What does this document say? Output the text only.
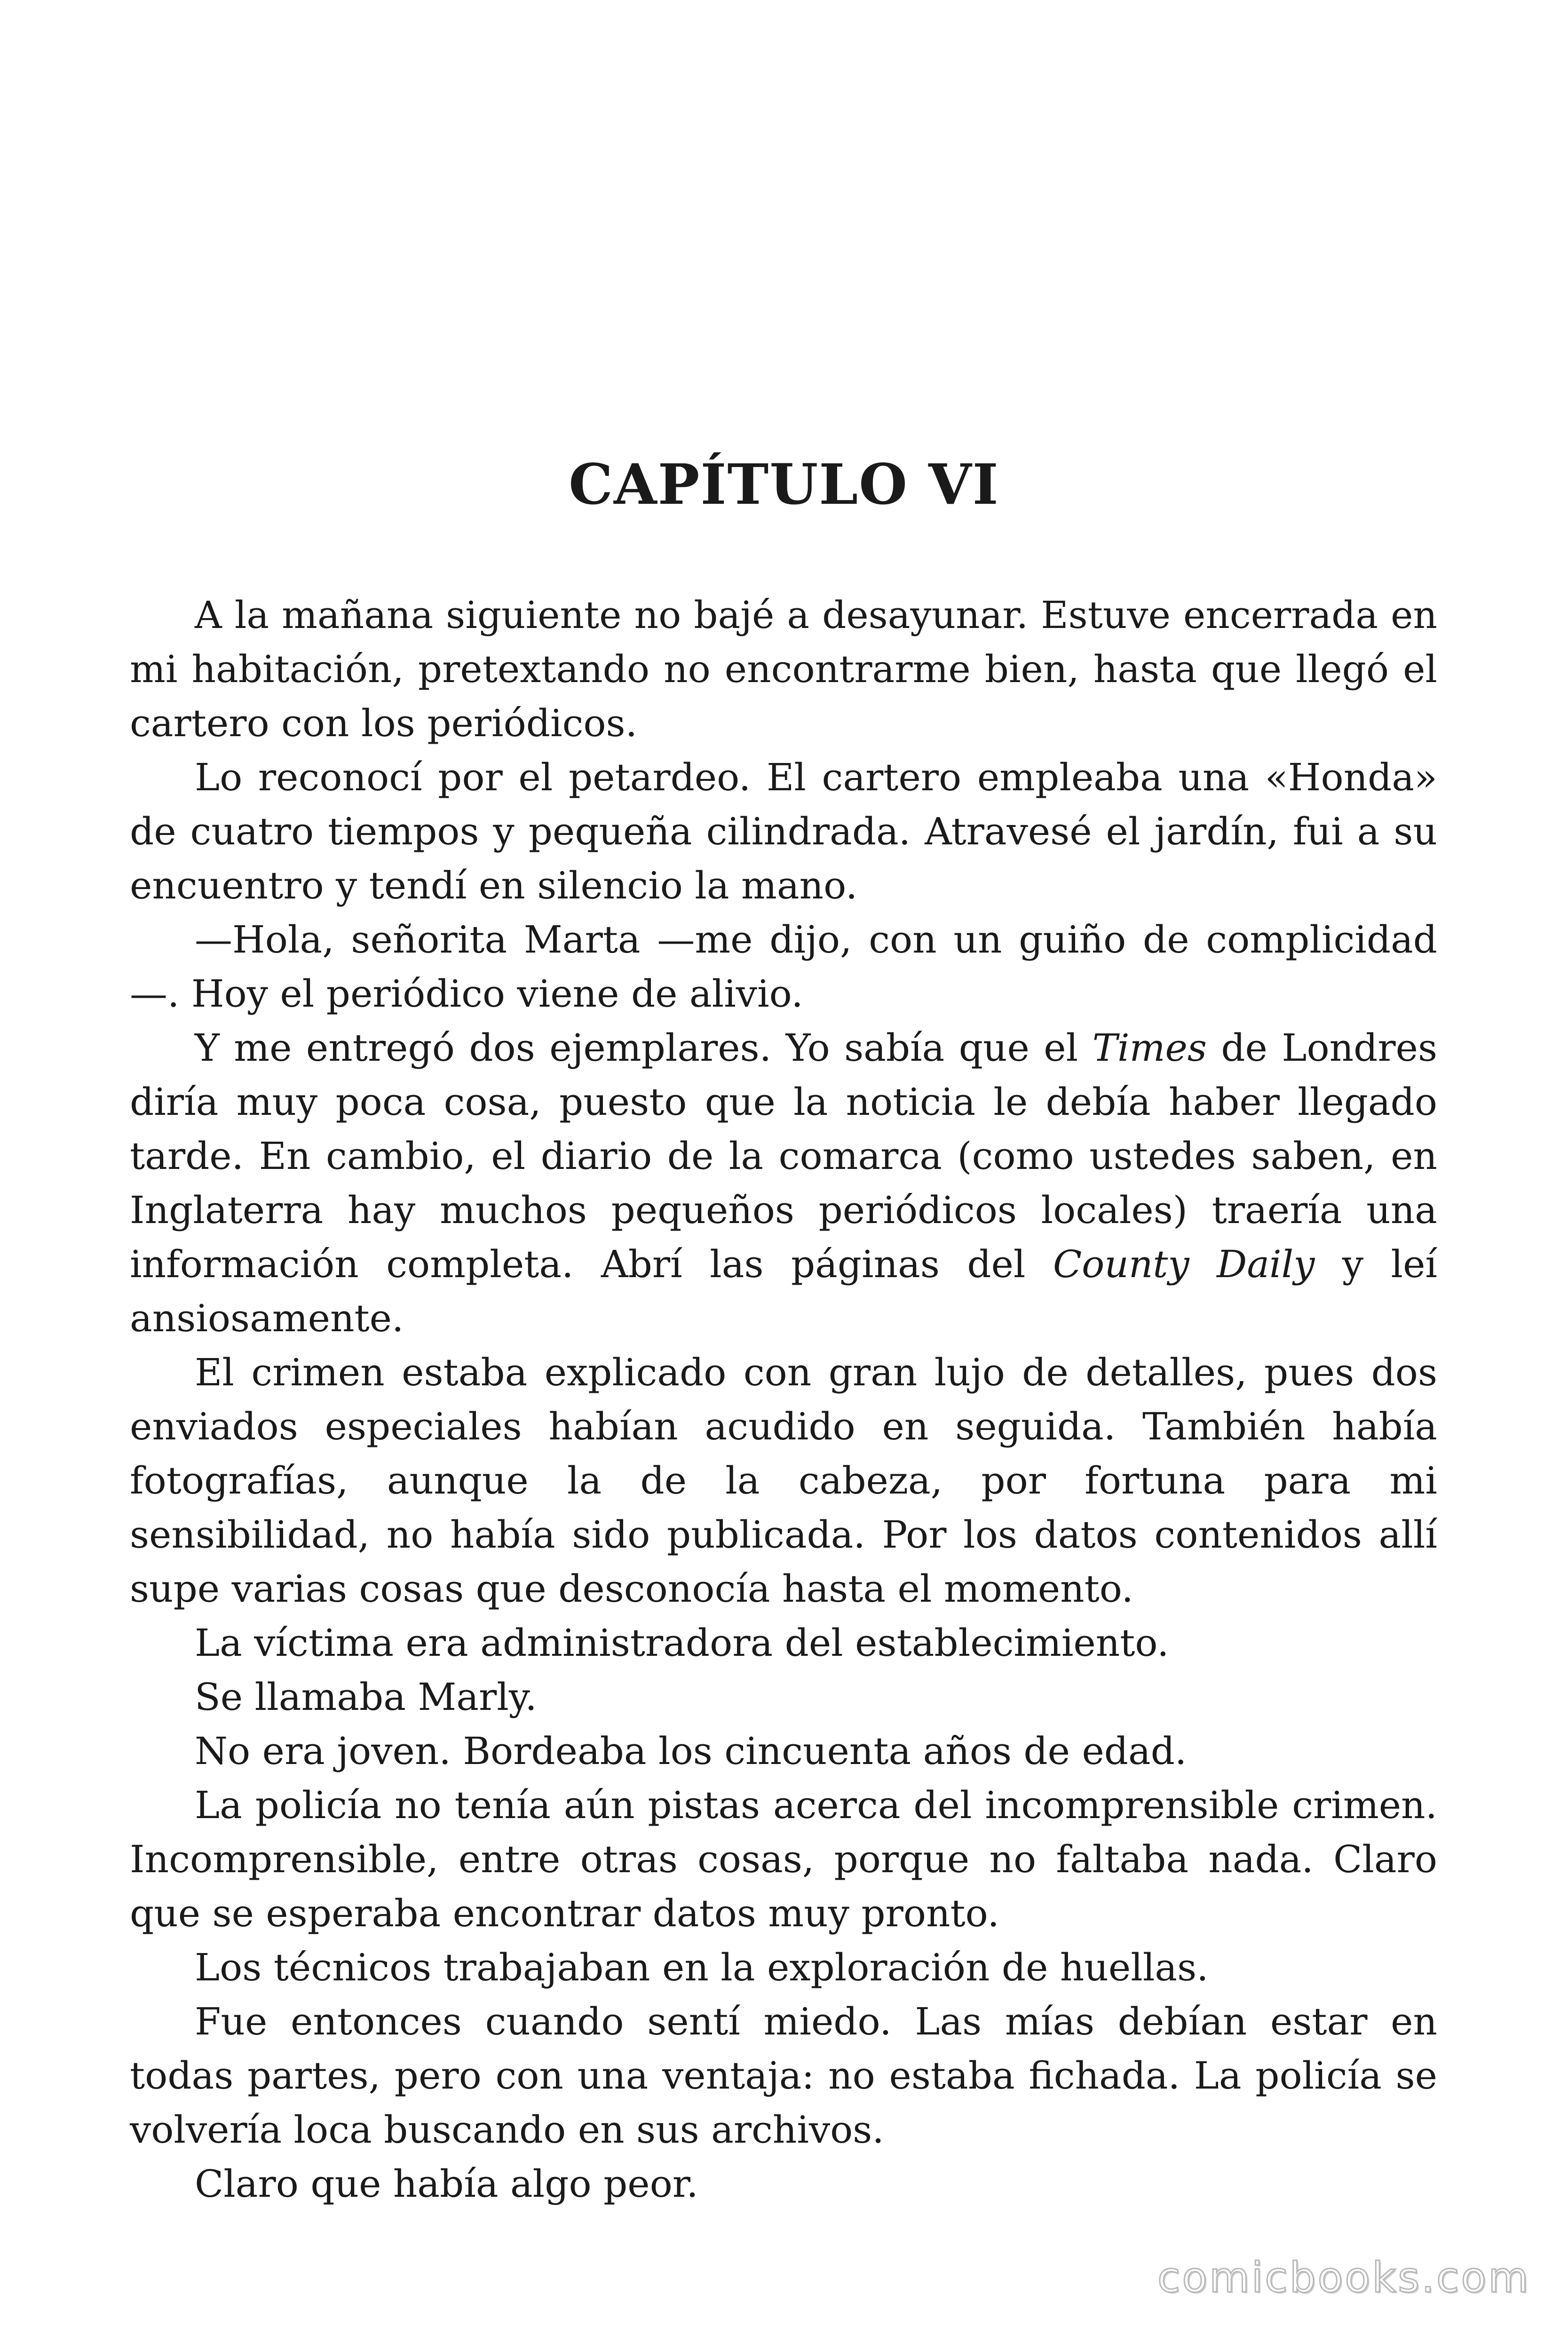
CAPÍTULO VI

A la mañana siguiente no bajé a desayunar. Estuve encerrada en mi habitación, pretextando no encontrarme bien, hasta que llegó el cartero con los periódicos.

Lo reconocí por el petardeo. El cartero empleaba una «Honda» de cuatro tiempos y pequeña cilindrada. Atravesé el jardín, fui a su encuentro y tendí en silencio la mano.

—Hola, señorita Marta —me dijo, con un guiño de complicidad —. Hoy el periódico viene de alivio.

Y me entregó dos ejemplares. Yo sabía que el Times de Londres diría muy poca cosa, puesto que la noticia le debía haber llegado tarde. En cambio, el diario de la comarca (como ustedes saben, en Inglaterra hay muchos pequeños periódicos locales) traería una información completa. Abrí las páginas del County Daily y leí ansiosamente.

El crimen estaba explicado con gran lujo de detalles, pues dos enviados especiales habían acudido en seguida. También había fotografías, aunque la de la cabeza, por fortuna para mi sensibilidad, no había sido publicada. Por los datos contenidos allí supe varias cosas que desconocía hasta el momento.

La víctima era administradora del establecimiento.

Se llamaba Marly.

No era joven. Bordeaba los cincuenta años de edad.

La policía no tenía aún pistas acerca del incomprensible crimen. Incomprensible, entre otras cosas, porque no faltaba nada. Claro que se esperaba encontrar datos muy pronto.

Los técnicos trabajaban en la exploración de huellas.

Fue entonces cuando sentí miedo. Las mías debían estar en todas partes, pero con una ventaja: no estaba fichada. La policía se volvería loca buscando en sus archivos.

Claro que había algo peor.

comicbooks.com
